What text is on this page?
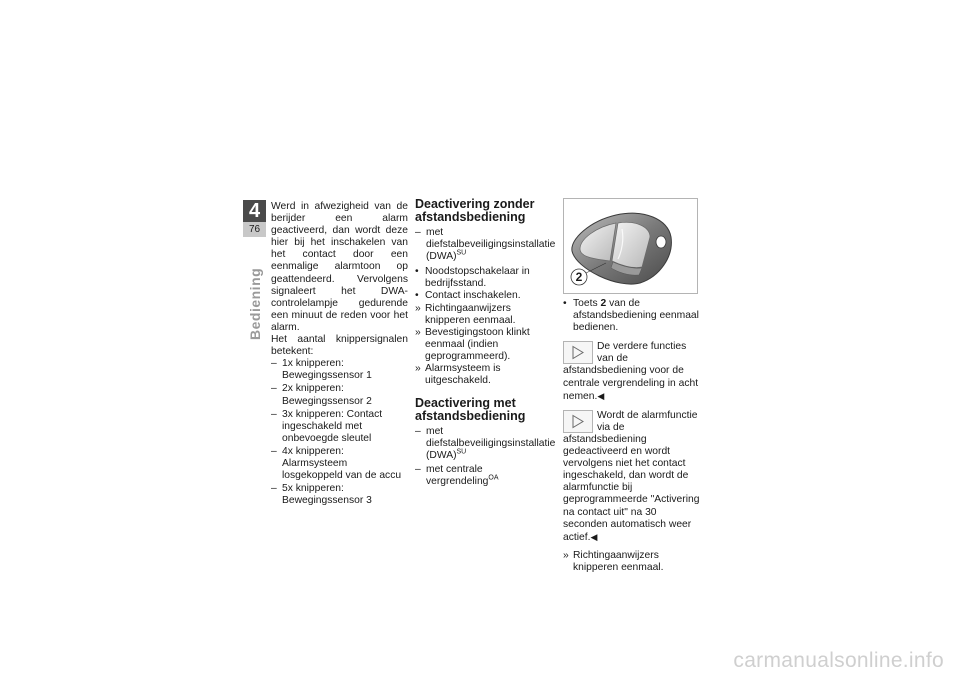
4
76
Bediening

Werd in afwezigheid van de berijder een alarm geactiveerd, dan wordt deze hier bij het inschakelen van het contact door een eenmalige alarmtoon op geattendeerd. Vervolgens signaleert het DWA-controlelampje gedurende een minuut de reden voor het alarm.

Het aantal knippersignalen betekent:

– 1x knipperen: Bewegingssensor 1
– 2x knipperen: Bewegingssensor 2
– 3x knipperen: Contact ingeschakeld met onbevoegde sleutel
– 4x knipperen: Alarmsysteem losgekoppeld van de accu
– 5x knipperen: Bewegingssensor 3
Deactivering zonder afstandsbediening
– met diefstalbeveiligingsinstallatie (DWA)$^{SU}$
• Noodstopschakelaar in bedrijfsstand.
• Contact inschakelen.
» Richtingaanwijzers knipperen eenmaal.
» Bevestigingstoon klinkt eenmaal (indien geprogrammeerd).
» Alarmsysteem is uitgeschakeld.
Deactivering met afstandsbediening
– met diefstalbeveiligingsinstallatie (DWA)$^{SU}$
– met centrale vergrendeling$^{OA}$
2
• Toets 2 van de afstandsbediening eenmaal bedienen.
De verdere functies van de afstandsbediening voor de centrale vergrendeling in acht nemen.◀
Wordt de alarmfunctie via de afstandsbediening gedeactiveerd en wordt vervolgens niet het contact ingeschakeld, dan wordt de alarmfunctie bij geprogrammeerde "Activering na contact uit" na 30 seconden automatisch weer actief.◀
» Richtingaanwijzers knipperen eenmaal.
carmanualsonline.info
